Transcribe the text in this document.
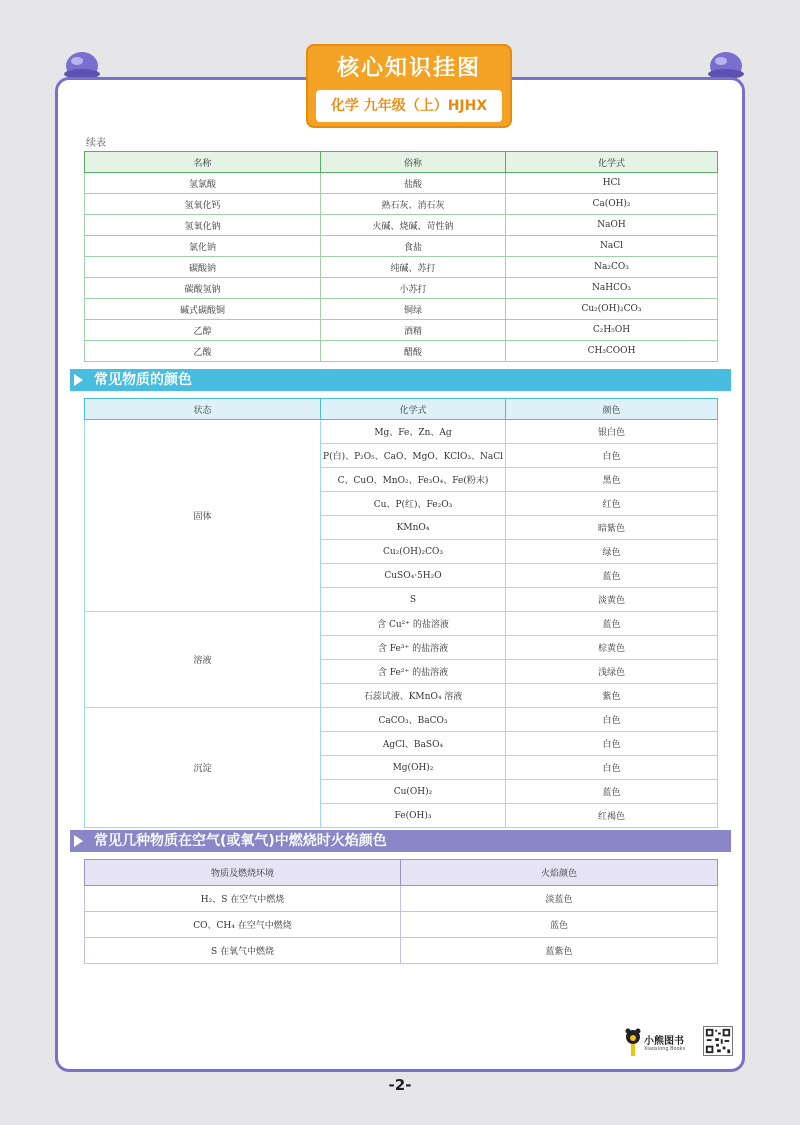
核心知识挂图
化学 九年级（上）HJHX
续表
名称	俗称	化学式
氢氯酸	盐酸	HCl
氢氧化钙	熟石灰、消石灰	Ca(OH)₂
氢氧化钠	火碱、烧碱、苛性钠	NaOH
氯化钠	食盐	NaCl
碳酸钠	纯碱、苏打	Na₂CO₃
碳酸氢钠	小苏打	NaHCO₃
碱式碳酸铜	铜绿	Cu₂(OH)₂CO₃
乙醇	酒精	C₂H₅OH
乙酸	醋酸	CH₃COOH
常见物质的颜色
状态	化学式	颜色
固体	Mg、Fe、Zn、Ag	银白色
	P(白)、P₂O₅、CaO、MgO、KClO₃、NaCl	白色
	C、CuO、MnO₂、Fe₃O₄、Fe(粉末)	黑色
	Cu、P(红)、Fe₂O₃	红色
	KMnO₄	暗紫色
	Cu₂(OH)₂CO₃	绿色
	CuSO₄·5H₂O	蓝色
	S	淡黄色
溶液	含 Cu²⁺ 的盐溶液	蓝色
	含 Fe³⁺ 的盐溶液	棕黄色
	含 Fe²⁺ 的盐溶液	浅绿色
	石蕊试液、KMnO₄ 溶液	紫色
沉淀	CaCO₃、BaCO₃	白色
	AgCl、BaSO₄	白色
	Mg(OH)₂	白色
	Cu(OH)₂	蓝色
	Fe(OH)₃	红褐色
常见几种物质在空气(或氧气)中燃烧时火焰颜色
物质及燃烧环境	火焰颜色
H₂、S 在空气中燃烧	淡蓝色
CO、CH₄ 在空气中燃烧	蓝色
S 在氧气中燃烧	蓝紫色
小熊图书
Xiaoxiong Books
-2-
